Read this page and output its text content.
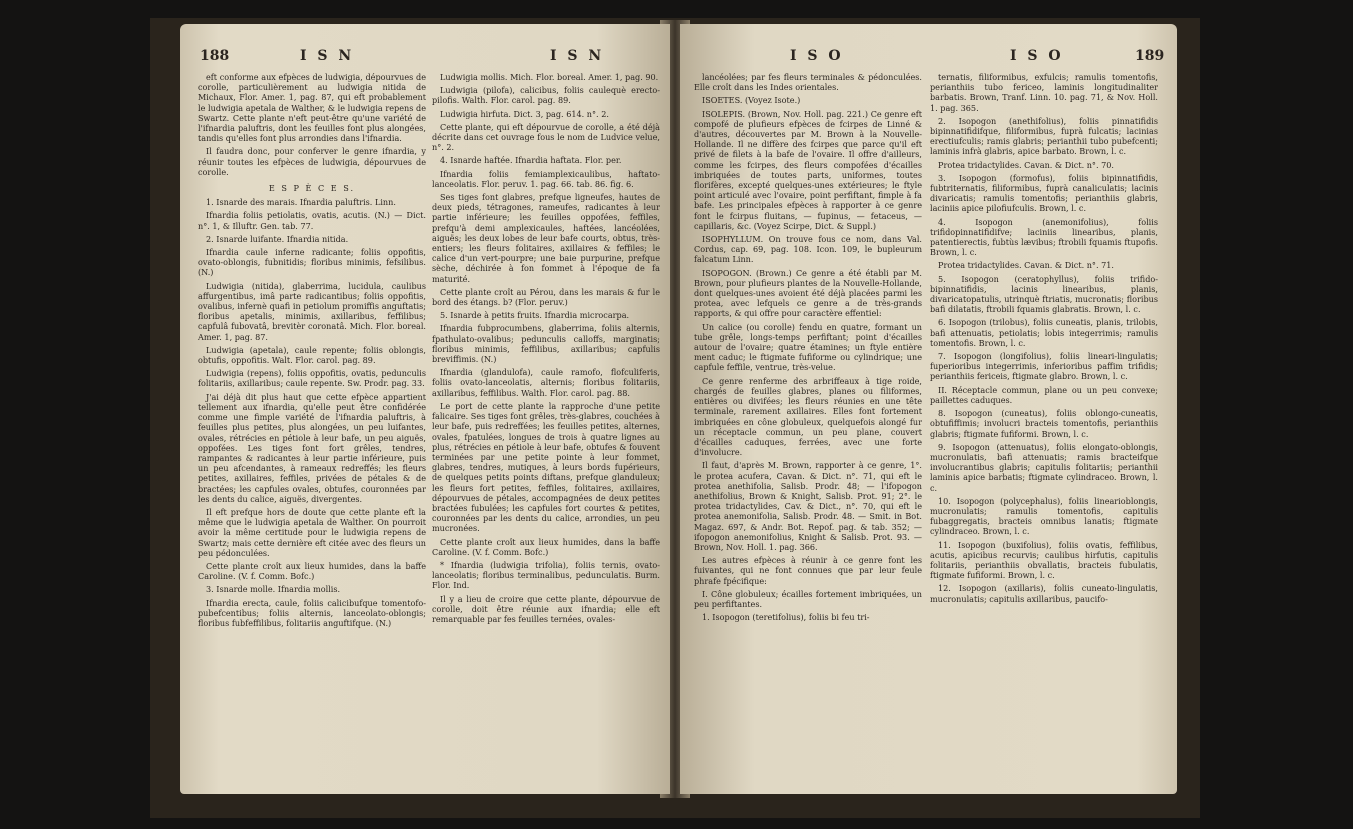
188	I S N	I S N

eft conforme aux efpèces de ludwigia, dépourvues de corolle, particulièrement au ludwigia nitida de Michaux, Flor. Amer. 1, pag. 87, qui eft probablement le ludwigia apetala de Walther, & le ludwigia repens de Swartz. Cette plante n'eft peut-être qu'une variété de l'ifnardia paluftris, dont les feuilles font plus alongées, tandis qu'elles font plus arrondies dans l'ifnardia.

Il faudra donc, pour conferver le genre ifnardia, y réunir toutes les efpèces de ludwigia, dépourvues de corolle.

E S P È C E S.

1. Isnarde des marais. Ifnardia paluftris. Linn.

Ifnardia foliis petiolatis, ovatis, acutis. (N.) — Dict. n°. 1, & Illuftr. Gen. tab. 77.

2. Isnarde luifante. Ifnardia nitida.

Ifnardia caule inferne radicante; foliis oppofitis, ovato-oblongis, fubnitidis; floribus minimis, fefsilibus. (N.)

Ludwigia (nitida), glaberrima, lucidula, caulibus affurgentibus, imâ parte radicantibus; foliis oppofitis, ovalibus, infernè quafi in petiolum promiffis anguftatis; floribus apetalis, minimis, axillaribus, feffilibus; capfulâ fubovatâ, brevitèr coronatâ. Mich. Flor. boreal. Amer. 1, pag. 87.

Ludwigia (apetala), caule repente; foliis oblongis, obtufis, oppofitis. Walt. Flor. carol. pag. 89.

Ludwigia (repens), foliis oppofitis, ovatis, pedunculis folitariis, axillaribus; caule repente. Sw. Prodr. pag. 33.

J'ai déjà dit plus haut que cette efpèce appartient tellement aux ifnardia, qu'elle peut être confidérée comme une fimple variété de l'ifnardia paluftris, à feuilles plus petites, plus alongées, un peu luifantes, ovales, rétrécies en pétiole à leur bafe, un peu aiguës, oppofées. Les tiges font fort grêles, tendres, rampantes & radicantes à leur partie inférieure, puis un peu afcendantes, à rameaux redreffés; les fleurs petites, axillaires, feffiles, privées de pétales & de bractées; les capfules ovales, obtufes, couronnées par les dents du calice, aiguës, divergentes.

Il eft prefque hors de doute que cette plante eft la même que le ludwigia apetala de Walther. On pourroit avoir la même certitude pour le ludwigia repens de Swartz; mais cette dernière eft citée avec des fleurs un peu pédonculées.

Cette plante croît aux lieux humides, dans la baffe Caroline. (V. f. Comm. Bofc.)

3. Isnarde molle. Ifnardia mollis.

Ifnardia erecta, caule, foliis calicibufque tomentofo-pubefcentibus; foliis alternis, lanceolato-oblongis; floribus fubfeffilibus, folitariis anguftifque. (N.)

Ludwigia mollis. Mich. Flor. boreal. Amer. 1, pag. 90.

Ludwigia (pilofa), calicibus, foliis caulequè erecto-pilofis. Walth. Flor. carol. pag. 89.

Ludwigia hirfuta. Dict. 3, pag. 614. n°. 2.

Cette plante, qui eft dépourvue de corolle, a été déjà décrite dans cet ouvrage fous le nom de Ludvice velue, n°. 2.

4. Isnarde haftée. Ifnardia haftata. Flor. per.

Ifnardia foliis femiamplexicaulibus, haftato-lanceolatis. Flor. peruv. 1. pag. 66. tab. 86. fig. 6.

Ses tiges font glabres, prefque ligneufes, hautes de deux pieds, tétragones, rameufes, radicantes à leur partie inférieure; les feuilles oppofées, feffiles, prefqu'à demi amplexicaules, haftées, lancéolées, aiguës; les deux lobes de leur bafe courts, obtus, très-entiers; les fleurs folitaires, axillaires & feffiles; le calice d'un vert-pourpre; une baie purpurine, prefque sèche, déchirée à fon fommet à l'époque de fa maturité.

Cette plante croît au Pérou, dans les marais & fur le bord des étangs. b? (Flor. peruv.)

5. Isnarde à petits fruits. Ifnardia microcarpa.

Ifnardia fubprocumbens, glaberrima, foliis alternis, fpathulato-ovalibus; pedunculis calloffs, marginatis; floribus minimis, feffilibus, axillaribus; capfulis breviffimis. (N.)

Ifnardia (glandulofa), caule ramofo, flofculiferis, foliis ovato-lanceolatis, alternis; floribus folitariis, axillaribus, feffilibus. Walth. Flor. carol. pag. 88.

Le port de cette plante la rapproche d'une petite falicaire. Ses tiges font grêles, très-glabres, couchées à leur bafe, puis redreffées; les feuilles petites, alternes, ovales, fpatulées, longues de trois à quatre lignes au plus, rétrécies en pétiole à leur bafe, obtufes & fouvent terminées par une petite pointe à leur fommet, glabres, tendres, mutiques, à leurs bords fupérieurs, de quelques petits points diftans, prefque glanduleux; les fleurs fort petites, feffiles, folitaires, axillaires, dépourvues de pétales, accompagnées de deux petites bractées fubulées; les capfules fort courtes & petites, couronnées par les dents du calice, arrondies, un peu mucronées.

Cette plante croît aux lieux humides, dans la baffe Caroline. (V. f. Comm. Bofc.)

* Ifnardia (ludwigia trifolia), foliis ternis, ovato-lanceolatis; floribus terminalibus, pedunculatis. Burm. Flor. Ind.

Il y a lieu de croire que cette plante, dépourvue de corolle, doit être réunie aux ifnardia; elle eft remarquable par fes feuilles ternées, ovales-

I S O	I S O	189

lancéolées; par fes fleurs terminales & pédonculées. Elle croît dans les Indes orientales.

ISOETES. (Voyez Isote.)

ISOLEPIS. (Brown, Nov. Holl. pag. 221.) Ce genre eft compofé de plufieurs efpèces de fcirpes de Linné & d'autres, découvertes par M. Brown à la Nouvelle-Hollande. Il ne diffère des fcirpes que parce qu'il eft privé de filets à la bafe de l'ovaire. Il offre d'ailleurs, comme les fcirpes, des fleurs compofées d'écailles imbriquées de toutes parts, uniformes, toutes florifères, excepté quelques-unes extérieures; le ftyle point articulé avec l'ovaire, point perfiftant, fimple à fa bafe. Les principales efpèces à rapporter à ce genre font le fcirpus fluitans, — fupinus, — fetaceus, — capillaris, &c. (Voyez Scirpe, Dict. & Suppl.)

ISOPHYLLUM. On trouve fous ce nom, dans Val. Cordus, cap. 69, pag. 108. Icon. 109, le bupleurum falcatum Linn.

ISOPOGON. (Brown.) Ce genre a été établi par M. Brown, pour plufieurs plantes de la Nouvelle-Hollande, dont quelques-unes avoient été déjà placées parmi les protea, avec lefquels ce genre a de très-grands rapports, & qui offre pour caractère effentiel:

Un calice (ou corolle) fendu en quatre, formant un tube grêle, longs-temps perfiftant; point d'écailles autour de l'ovaire; quatre étamines; un ftyle entière ment caduc; le ftigmate fufiforme ou cylindrique; une capfule feffile, ventrue, très-velue.

Ce genre renferme des arbriffeaux à tige roide, chargés de feuilles glabres, planes ou filiformes, entières ou divifées; les fleurs réunies en une tête terminale, rarement axillaires. Elles font fortement imbriquées en cône globuleux, quelquefois alongé fur un réceptacle commun, un peu plane, couvert d'écailles caduques, ferrées, avec une forte d'involucre.

Il faut, d'après M. Brown, rapporter à ce genre, 1°. le protea acufera, Cavan. & Dict. n°. 71, qui eft le protea anethifolia, Salisb. Prodr. 48; — l'ifopogon anethifolius, Brown & Knight, Salisb. Prot. 91; 2°. le protea tridactylides, Cav. & Dict., n°. 70, qui eft le protea anemonifolia, Salisb. Prodr. 48. — Smit. in Bot. Magaz. 697, & Andr. Bot. Repof. pag. & tab. 352; — ifopogon anemonifolius, Knight & Salisb. Prot. 93. — Brown, Nov. Holl. 1. pag. 366.

Les autres efpèces à réunir à ce genre font les fuivantes, qui ne font connues que par leur feule phrafe fpécifique:

I. Cône globuleux; écailles fortement imbriquées, un peu perfiftantes.

1. Isopogon (teretifolius), foliis bi feu tri-

ternatis, filiformibus, exfulcis; ramulis tomentofis, perianthiis tubo fericeo, laminis longitudinaliter barbatis. Brown, Tranf. Linn. 10. pag. 71, & Nov. Holl. 1. pag. 365.

2. Isopogon (anethifolius), foliis pinnatifidis bipinnatifidifque, filiformibus, fuprà fulcatis; lacinias erectiufculis; ramis glabris; perianthii tubo pubefcenti; laminis infrà glabris, apice barbato. Brown, l. c.

Protea tridactylides. Cavan. & Dict. n°. 70.

3. Isopogon (formofus), foliis bipinnatifidis, fubtriternatis, filiformibus, fuprà canaliculatis; lacinis divaricatis; ramulis tomentofis; perianthiis glabris, laciniis apice pilofiufculis. Brown, l. c.

4. Isopogon (anemonifolius), foliis trifidopinnatifidifve; laciniis linearibus, planis, patentierectis, fubtùs lævibus; ftrobili fquamis ftupofis. Brown, l. c.

Protea tridactylides. Cavan. & Dict. n°. 71.

5. Isopogon (ceratophyllus), foliis trifido-bipinnatifidis, lacinis linearibus, planis, divaricatopatulis, utrinquè ftriatis, mucronatis; floribus bafi dilatatis, ftrobili fquamis glabratis. Brown, l. c.

6. Isopogon (trilobus), foliis cuneatis, planis, trilobis, bafi attenuatis, petiolatis; lobis integerrimis; ramulis tomentofis. Brown, l. c.

7. Isopogon (longifolius), foliis lineari-lingulatis; fuperioribus integerrimis, inferioribus paffim trifidis; perianthiis fericeis, ftigmate glabro. Brown, l. c.

II. Réceptacle commun, plane ou un peu convexe; paillettes caduques.

8. Isopogon (cuneatus), foliis oblongo-cuneatis, obtufiffimis; involucri bracteis tomentofis, perianthiis glabris; ftigmate fufiformi. Brown, l. c.

9. Isopogon (attenuatus), foliis elongato-oblongis, mucronulatis, bafi attenuatis; ramis bracteifque involucrantibus glabris; capitulis folitariis; perianthii laminis apice barbatis; ftigmate cylindraceo. Brown, l. c.

10. Isopogon (polycephalus), foliis linearioblongis, mucronulatis; ramulis tomentofis, capitulis fubaggregatis, bracteis omnibus lanatis; ftigmate cylindraceo. Brown, l. c.

11. Isopogon (buxifolius), foliis ovatis, feffilibus, acutis, apicibus recurvis; caulibus hirfutis, capitulis folitariis, perianthiis obvallatis, bracteis fubulatis, ftigmate fufiformi. Brown, l. c.

12. Isopogon (axillaris), foliis cuneato-lingulatis, mucronulatis; capitulis axillaribus, paucifo-
